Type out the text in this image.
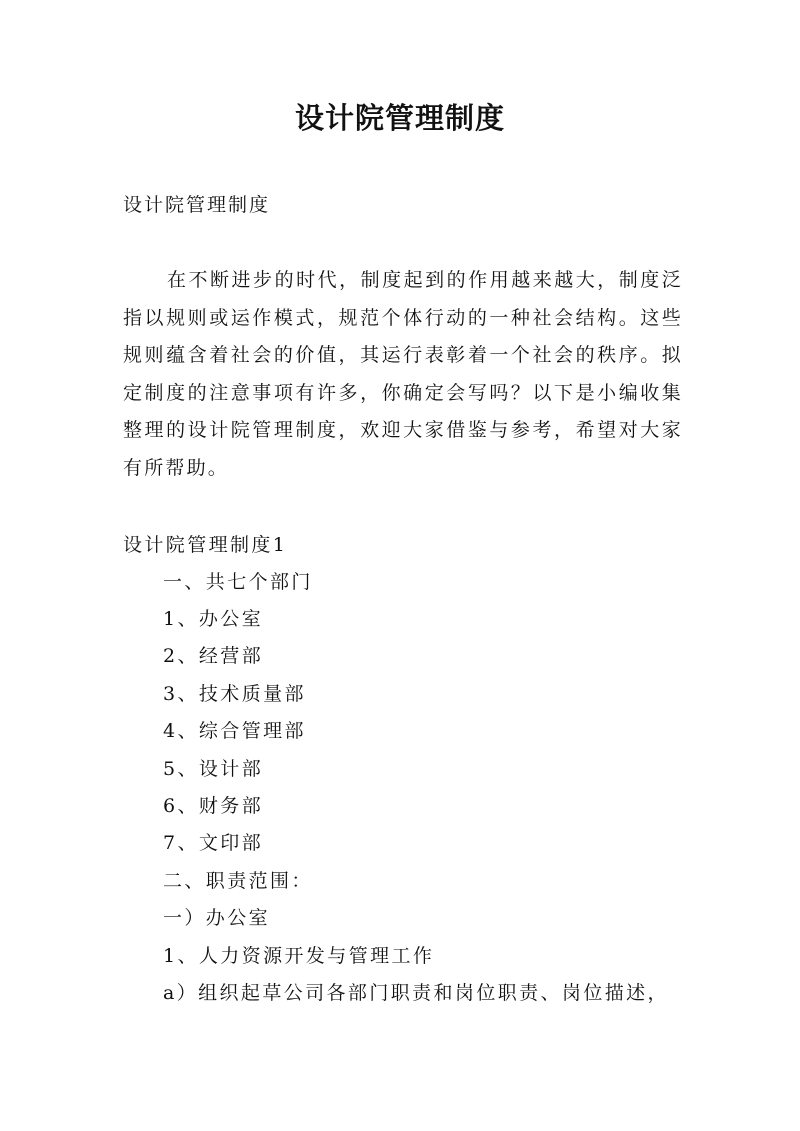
设计院管理制度
设计院管理制度

在不断进步的时代，制度起到的作用越来越大，制度泛指以规则或运作模式，规范个体行动的一种社会结构。这些规则蕴含着社会的价值，其运行表彰着一个社会的秩序。拟定制度的注意事项有许多，你确定会写吗？以下是小编收集整理的设计院管理制度，欢迎大家借鉴与参考，希望对大家有所帮助。

设计院管理制度1
一、共七个部门
1、办公室
2、经营部
3、技术质量部
4、综合管理部
5、设计部
6、财务部
7、文印部
二、职责范围：
一）办公室
1、人力资源开发与管理工作
a）组织起草公司各部门职责和岗位职责、岗位描述，
